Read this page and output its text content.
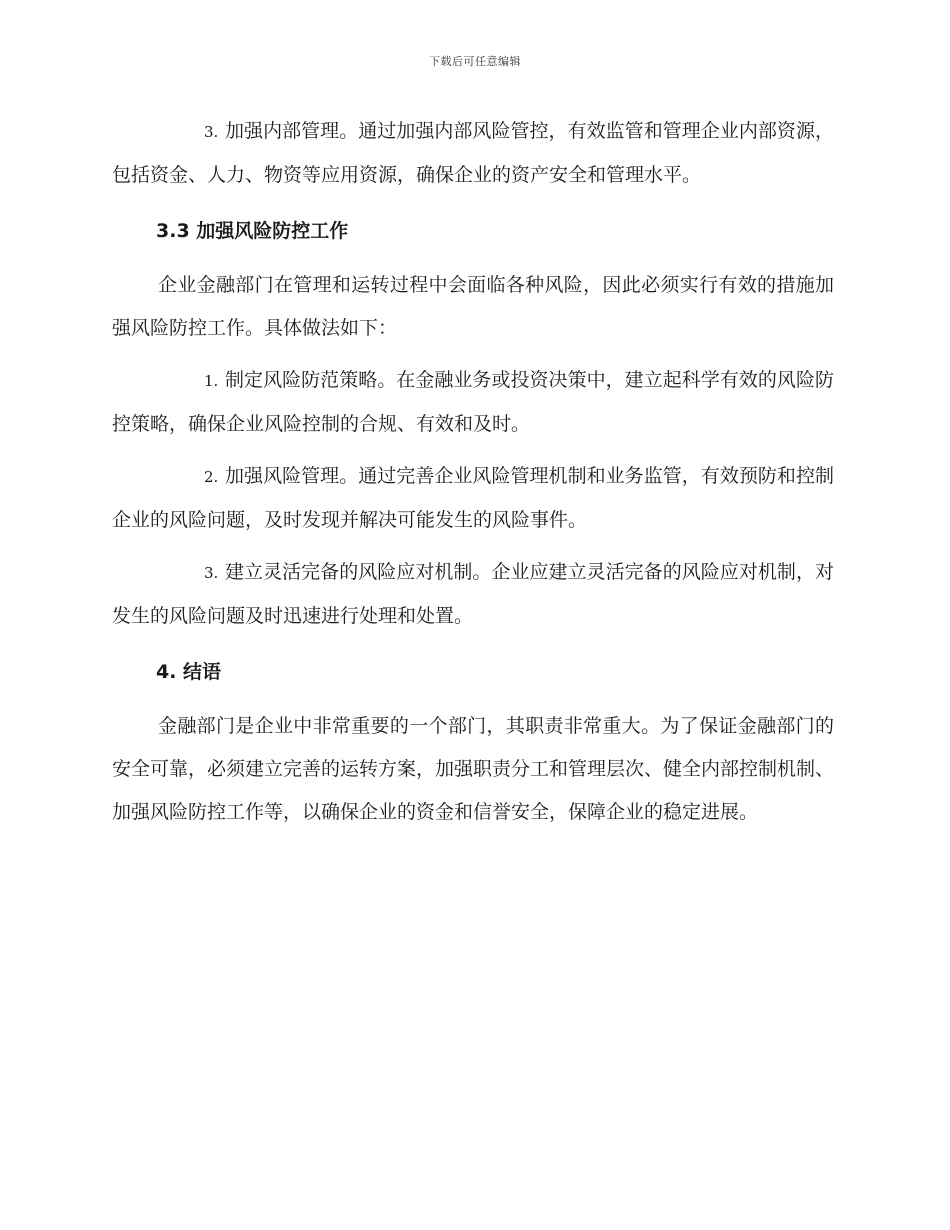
下载后可任意编辑

3. 加强内部管理。通过加强内部风险管控，有效监管和管理企业内部资源，包括资金、人力、物资等应用资源，确保企业的资产安全和管理水平。

3.3 加强风险防控工作

企业金融部门在管理和运转过程中会面临各种风险，因此必须实行有效的措施加强风险防控工作。具体做法如下：

1. 制定风险防范策略。在金融业务或投资决策中，建立起科学有效的风险防控策略，确保企业风险控制的合规、有效和及时。

2. 加强风险管理。通过完善企业风险管理机制和业务监管，有效预防和控制企业的风险问题，及时发现并解决可能发生的风险事件。

3. 建立灵活完备的风险应对机制。企业应建立灵活完备的风险应对机制，对发生的风险问题及时迅速进行处理和处置。

4. 结语

金融部门是企业中非常重要的一个部门，其职责非常重大。为了保证金融部门的安全可靠，必须建立完善的运转方案，加强职责分工和管理层次、健全内部控制机制、加强风险防控工作等，以确保企业的资金和信誉安全，保障企业的稳定进展。
